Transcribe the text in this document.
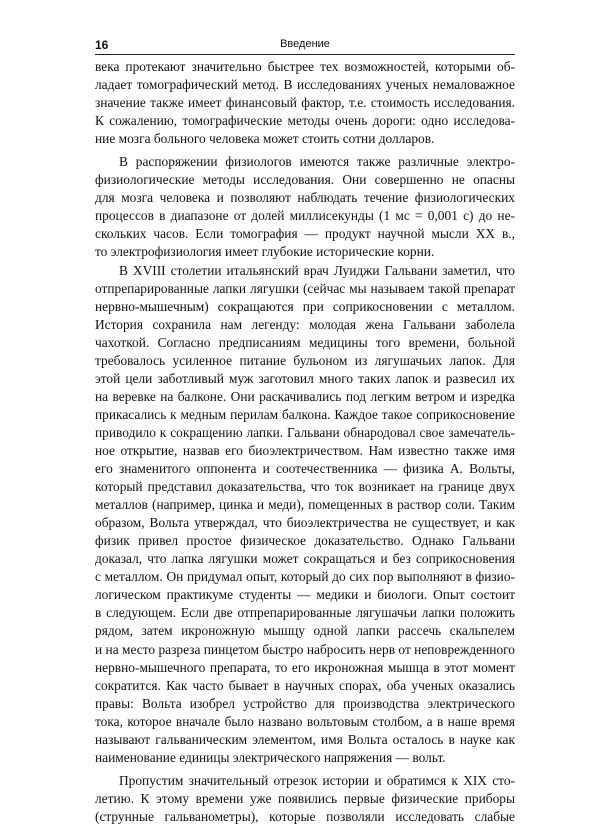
16	Введение
века протекают значительно быстрее тех возможностей, которыми об-
ладает томографический метод. В исследованиях ученых немаловажное
значение также имеет финансовый фактор, т.е. стоимость исследования.
К сожалению, томографические методы очень дороги: одно исследова-
ние мозга больного человека может стоить сотни долларов.
В распоряжении физиологов имеются также различные электро-
физиологические методы исследования. Они совершенно не опасны
для мозга человека и позволяют наблюдать течение физиологических
процессов в диапазоне от долей миллисекунды (1 мс = 0,001 с) до не-
скольких часов. Если томография — продукт научной мысли XX в.,
то электрофизиология имеет глубокие исторические корни.
В XVIII столетии итальянский врач Луиджи Гальвани заметил, что
отпрепарированные лапки лягушки (сейчас мы называем такой препарат
нервно-мышечным) сокращаются при соприкосновении с металлом.
История сохранила нам легенду: молодая жена Гальвани заболела
чахоткой. Согласно предписаниям медицины того времени, больной
требовалось усиленное питание бульоном из лягушачьих лапок. Для
этой цели заботливый муж заготовил много таких лапок и развесил их
на веревке на балконе. Они раскачивались под легким ветром и изредка
прикасались к медным перилам балкона. Каждое такое соприкосновение
приводило к сокращению лапки. Гальвани обнародовал свое замечатель-
ное открытие, назвав его биоэлектричеством. Нам известно также имя
его знаменитого оппонента и соотечественника — физика А. Вольты,
который представил доказательства, что ток возникает на границе двух
металлов (например, цинка и меди), помещенных в раствор соли. Таким
образом, Вольта утверждал, что биоэлектричества не существует, и как
физик привел простое физическое доказательство. Однако Гальвани
доказал, что лапка лягушки может сокращаться и без соприкосновения
с металлом. Он придумал опыт, который до сих пор выполняют в физио-
логическом практикуме студенты — медики и биологи. Опыт состоит
в следующем. Если две отпрепарированные лягушачьи лапки положить
рядом, затем икроножную мышцу одной лапки рассечь скальпелем
и на место разреза пинцетом быстро набросить нерв от неповрежденного
нервно-мышечного препарата, то его икроножная мышца в этот момент
сократится. Как часто бывает в научных спорах, оба ученых оказались
правы: Вольта изобрел устройство для производства электрического
тока, которое вначале было названо вольтовым столбом, а в наше время
называют гальваническим элементом, имя Вольта осталось в науке как
наименование единицы электрического напряжения — вольт.
Пропустим значительный отрезок истории и обратимся к XIX сто-
летию. К этому времени уже появились первые физические приборы
(струнные гальванометры), которые позволяли исследовать слабые
